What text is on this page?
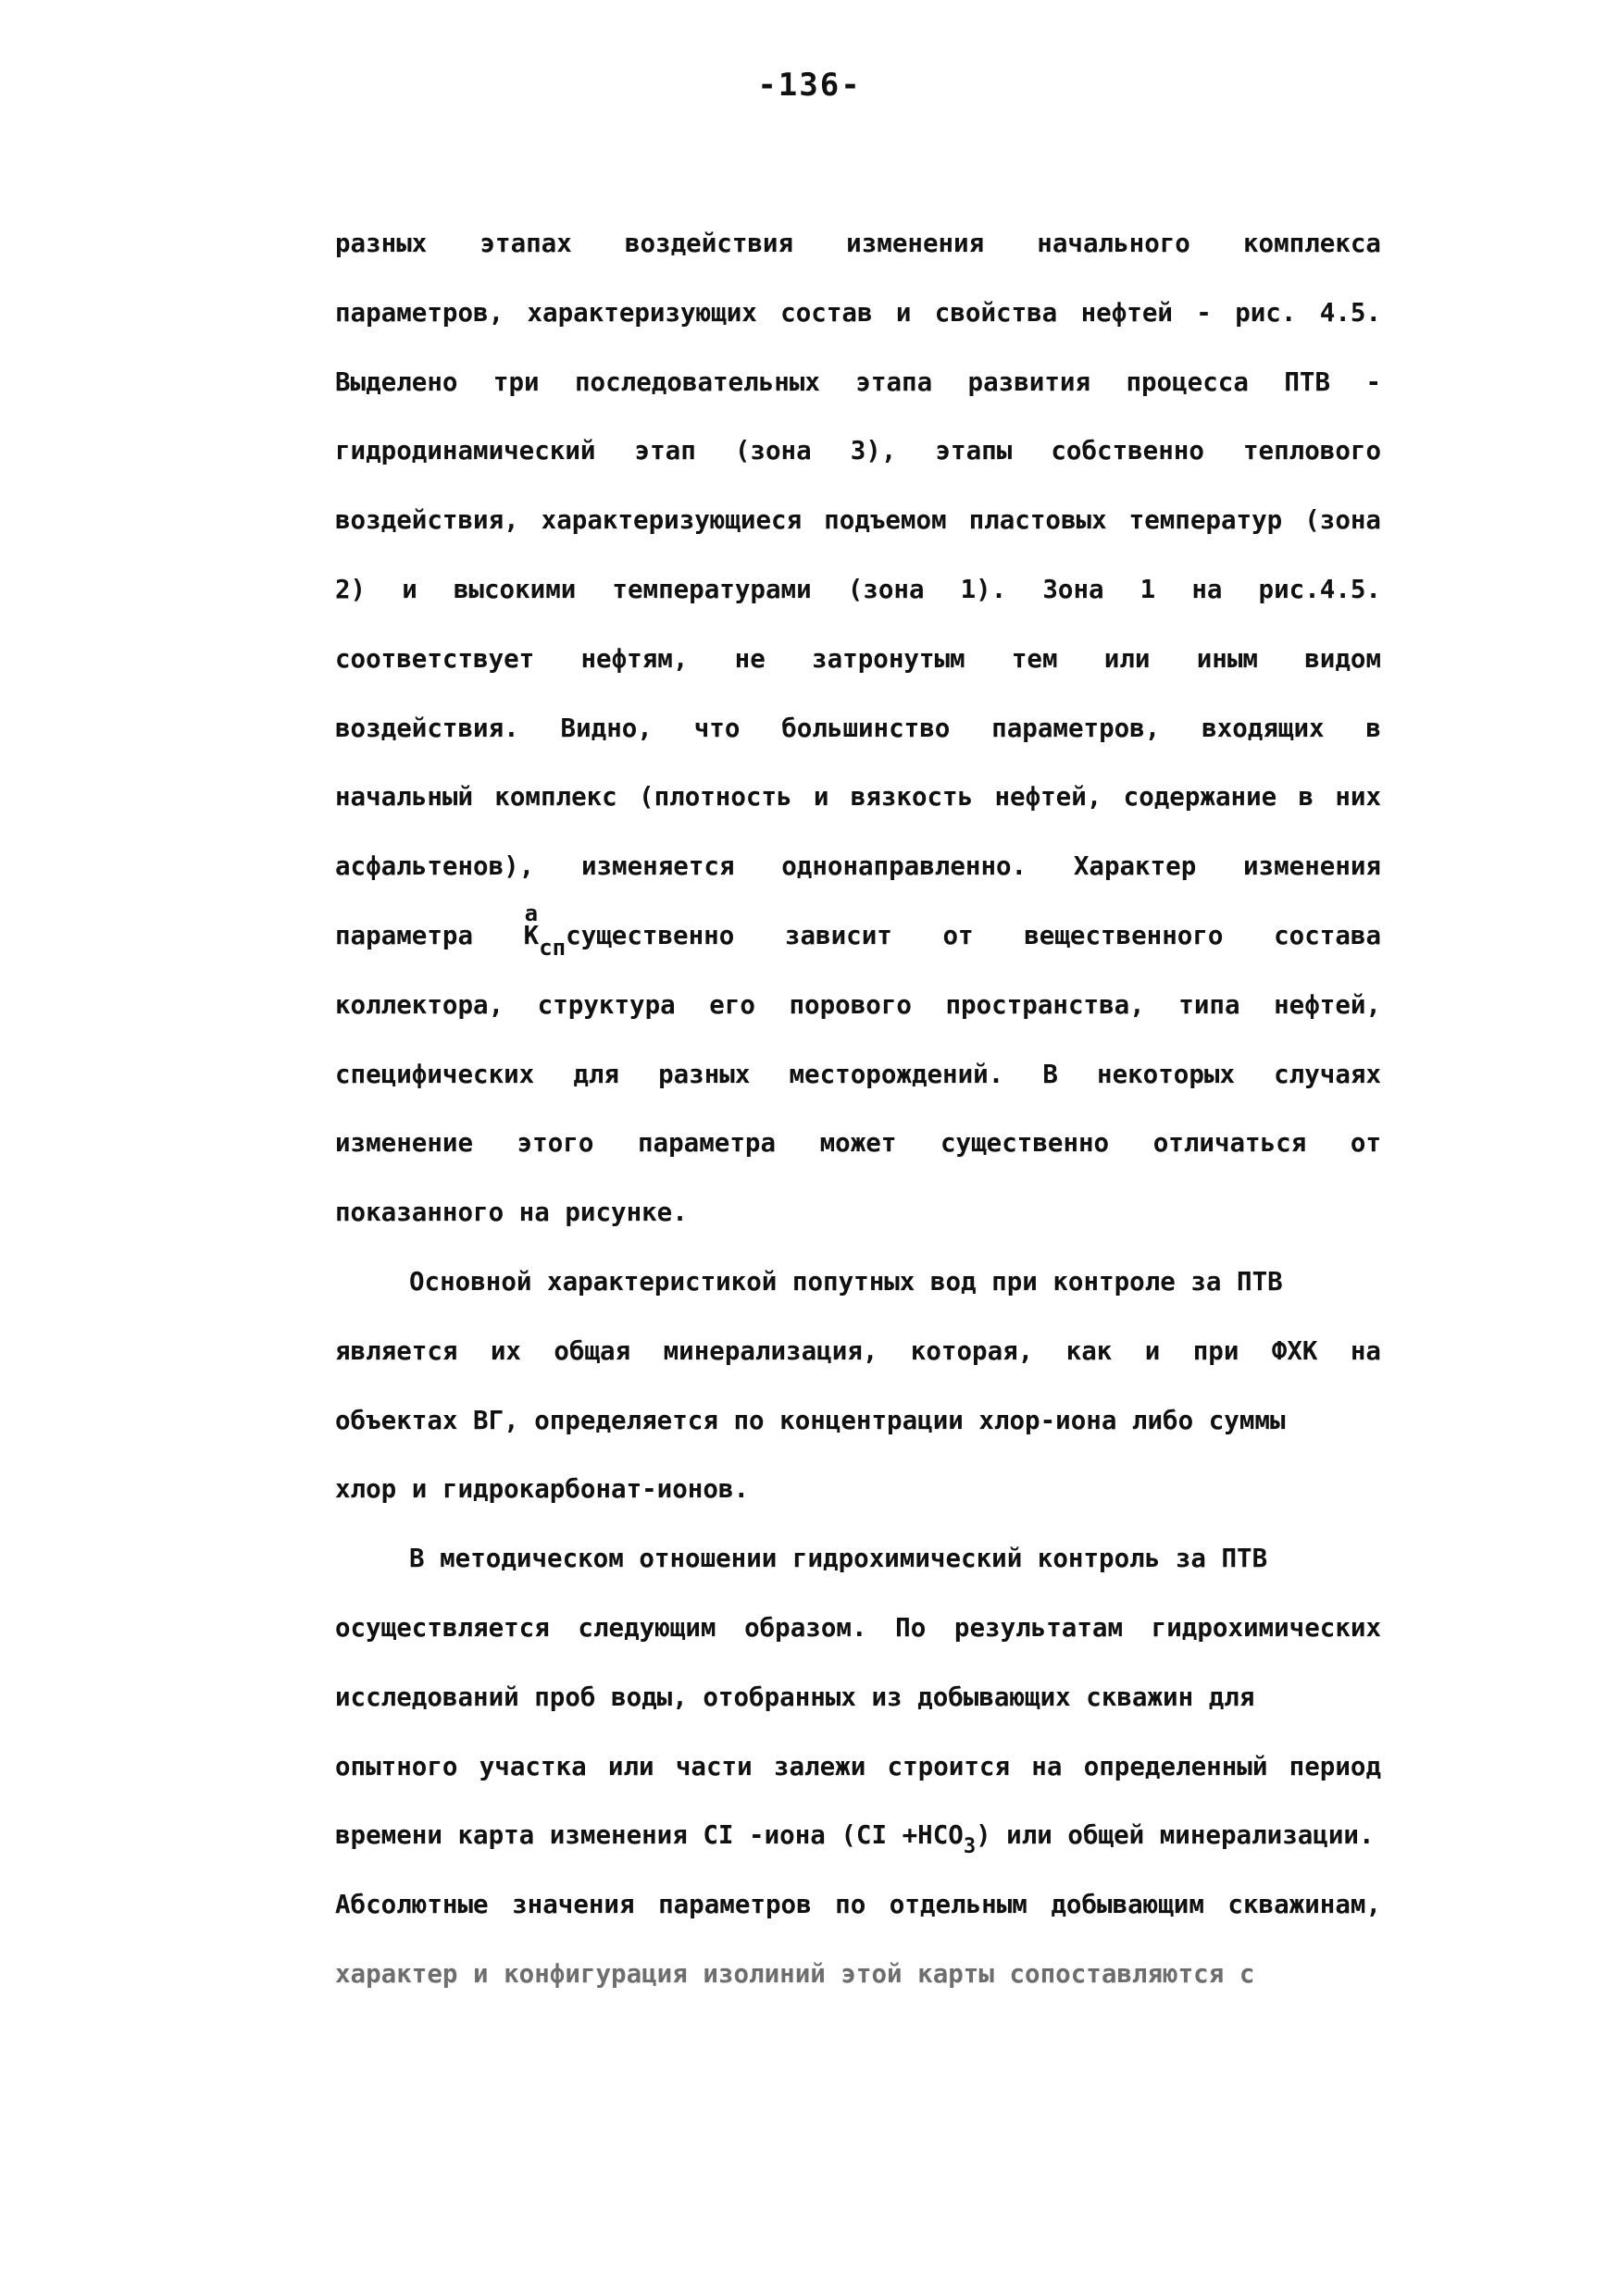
-136-
разных этапах воздействия изменения начального комплекса
параметров, характеризующих состав и свойства нефтей - рис. 4.5.
Выделено три последовательных этапа развития процесса ПТВ -
гидродинамический этап (зона 3), этапы собственно теплового
воздействия, характеризующиеся подъемом пластовых температур (зона
2) и высокими температурами (зона 1). Зона 1 на рис.4.5.
соответствует нефтям, не затронутым тем или иным видом
воздействия. Видно, что большинство параметров, входящих в
начальный комплекс (плотность и вязкость нефтей, содержание в них
асфальтенов), изменяется однонаправленно. Характер изменения
параметра K
a
спсущественно зависит от вещественного состава
коллектора, структура его порового пространства, типа нефтей,
специфических для разных месторождений. В некоторых случаях
изменение этого параметра может существенно отличаться от
показанного на рисунке.
Основной характеристикой попутных вод при контроле за ПТВ
является их общая минерализация, которая, как и при ФХК на
объектах ВГ, определяется по концентрации хлор-иона либо суммы
хлор и гидрокарбонат-ионов.
В методическом отношении гидрохимический контроль за ПТВ
осуществляется следующим образом. По результатам гидрохимических
исследований проб воды, отобранных из добывающих скважин для
опытного участка или части залежи строится на определенный период
времени карта изменения CI -иона $(CI +HCO_3)$ или общей минерализации.
Абсолютные значения параметров по отдельным добывающим скважинам,
характер и конфигурация изолиний этой карты сопоставляются с
